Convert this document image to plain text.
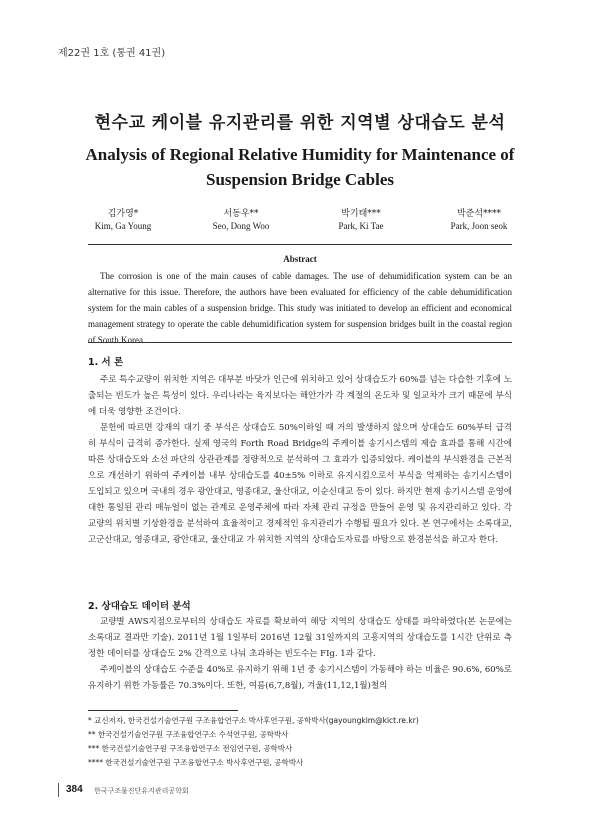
제22권 1호 (통권 41권)
현수교 케이블 유지관리를 위한 지역별 상대습도 분석
Analysis of Regional Relative Humidity for Maintenance of Suspension Bridge Cables
김가영*
Kim, Ga Young
서동우**
Seo, Dong Woo
박기태***
Park, Ki Tae
박준석****
Park, Joon seok
Abstract
The corrosion is one of the main causes of cable damages. The use of dehumidification system can be an alternative for this issue. Therefore, the authors have been evaluated for efficiency of the cable dehumidification system for the main cables of a suspension bridge. This study was initiated to develop an efficient and economical management strategy to operate the cable dehumidification system for suspension bridges built in the coastal region of South Korea.
1. 서 론
주로 특수교량이 위치한 지역은 대부분 바닷가 인근에 위치하고 있어 상대습도가 60%를 넘는 다습한 기후에 노출되는 빈도가 높은 특성이 있다. 우리나라는 육지보다는 해안가가 각 계절의 온도차 및 일교차가 크기 때문에 부식에 더욱 영향한 조건이다.
문헌에 따르면 강재의 대기 중 부식은 상대습도 50%이하일 때 거의 발생하지 않으며 상대습도 60%부터 급격히 부식이 급격히 증가한다. 실제 영국의 Forth Road Bridge의 주케이블 송기시스템의 제습 효과를 통해 시간에 따른 상대습도와 소선 파단의 상관관계를 정량적으로 분석하여 그 효과가 입증되었다. 케이블의 부식환경을 근본적으로 개선하기 위하여 주케이블 내부 상대습도를 40±5% 이하로 유지시킴으로서 부식을 억제하는 송기시스템이 도입되고 있으며 국내의 경우 광안대교, 영종대교, 울산대교, 이순신대교 등이 있다. 하지만 현재 송기시스템 운영에 대한 통일된 관리 매뉴얼이 없는 관계로 운영주체에 따라 자체 관리 규정을 만들어 운영 및 유지관리하고 있다. 각 교량의 위치별 기상환경을 분석하여 효율적이고 경제적인 유지관리가 수행될 필요가 있다. 본 연구에서는 소록대교, 고군산대교, 영종대교, 광안대교, 울산대교 가 위치한 지역의 상대습도자료를 바탕으로 환경분석을 하고자 한다.
2. 상대습도 데이터 분석
교량별 AWS지점으로부터의 상대습도 자료를 확보하여 해당 지역의 상대습도 상태를 파악하였다(본 논문에는 소록대교 결과만 기술). 2011년 1월 1일부터 2016년 12월 31일까지의 고흥지역의 상대습도를 1시간 단위로 측정한 데이터를 상대습도 2% 간격으로 나눠 초과하는 빈도수는 FIg. 1과 같다.
주케이블의 상대습도 수준을 40%로 유지하기 위해 1년 중 송기시스템이 가동해야 하는 비율은 90.6%, 60%로 유지하기 위한 가동률은 70.3%이다. 또한, 여름(6,7,8월), 겨울(11,12,1월)철의
* 교신저자, 한국건설기술연구원 구조융합연구소 박사후연구원, 공학박사(gayoungkim@kict.re.kr)
** 한국건설기술연구원 구조융합연구소 수석연구원, 공학박사
*** 한국건설기술연구원 구조융합연구소 전임연구원, 공학박사
**** 한국건설기술연구원 구조융합연구소 박사후연구원, 공학박사
384 한국구조물진단유지관리공학회
